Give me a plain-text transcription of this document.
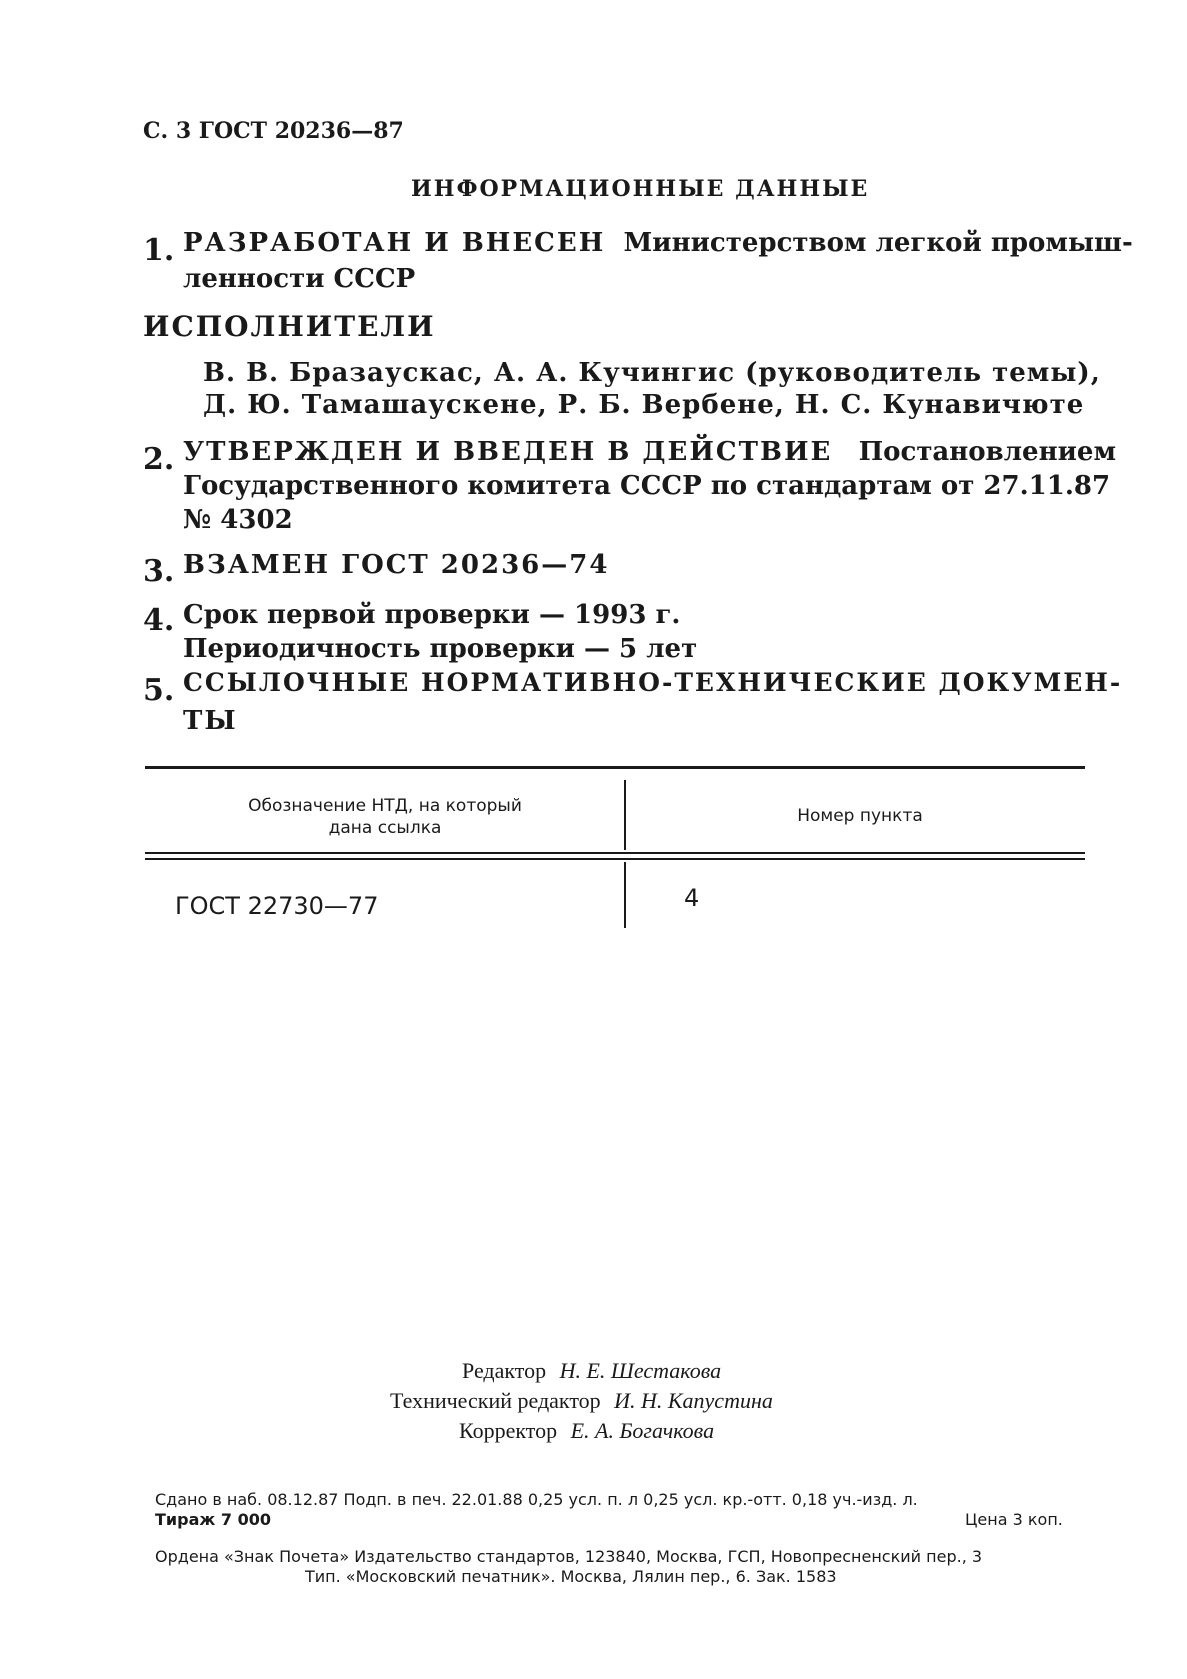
С. 3 ГОСТ 20236—87
ИНФОРМАЦИОННЫЕ ДАННЫЕ
1. РАЗРАБОТАН И ВНЕСЕН Министерством легкой промыш-
ленности СССР
ИСПОЛНИТЕЛИ
В. В. Бразаускас, А. А. Кучингис (руководитель темы),
Д. Ю. Тамашаускене, Р. Б. Вербене, Н. С. Кунавичюте
2. УТВЕРЖДЕН И ВВЕДЕН В ДЕЙСТВИЕ Постановлением
Государственного комитета СССР по стандартам от 27.11.87
№ 4302
3. ВЗАМЕН ГОСТ 20236—74
4. Срок первой проверки — 1993 г.
Периодичность проверки — 5 лет
5. ССЫЛОЧНЫЕ НОРМАТИВНО-ТЕХНИЧЕСКИЕ ДОКУМЕН-
ТЫ
Обозначение НТД, на который
дана ссылка
Номер пункта
ГОСТ 22730—77	4
Редактор Н. Е. Шестакова
Технический редактор И. Н. Капустина
Корректор Е. А. Богачкова
Сдано в наб. 08.12.87 Подп. в печ. 22.01.88 0,25 усл. п. л 0,25 усл. кр.-отт. 0,18 уч.-изд. л.
Тираж 7 000	Цена 3 коп.
Ордена «Знак Почета» Издательство стандартов, 123840, Москва, ГСП, Новопресненский пер., 3
Тип. «Московский печатник». Москва, Лялин пер., 6. Зак. 1583
